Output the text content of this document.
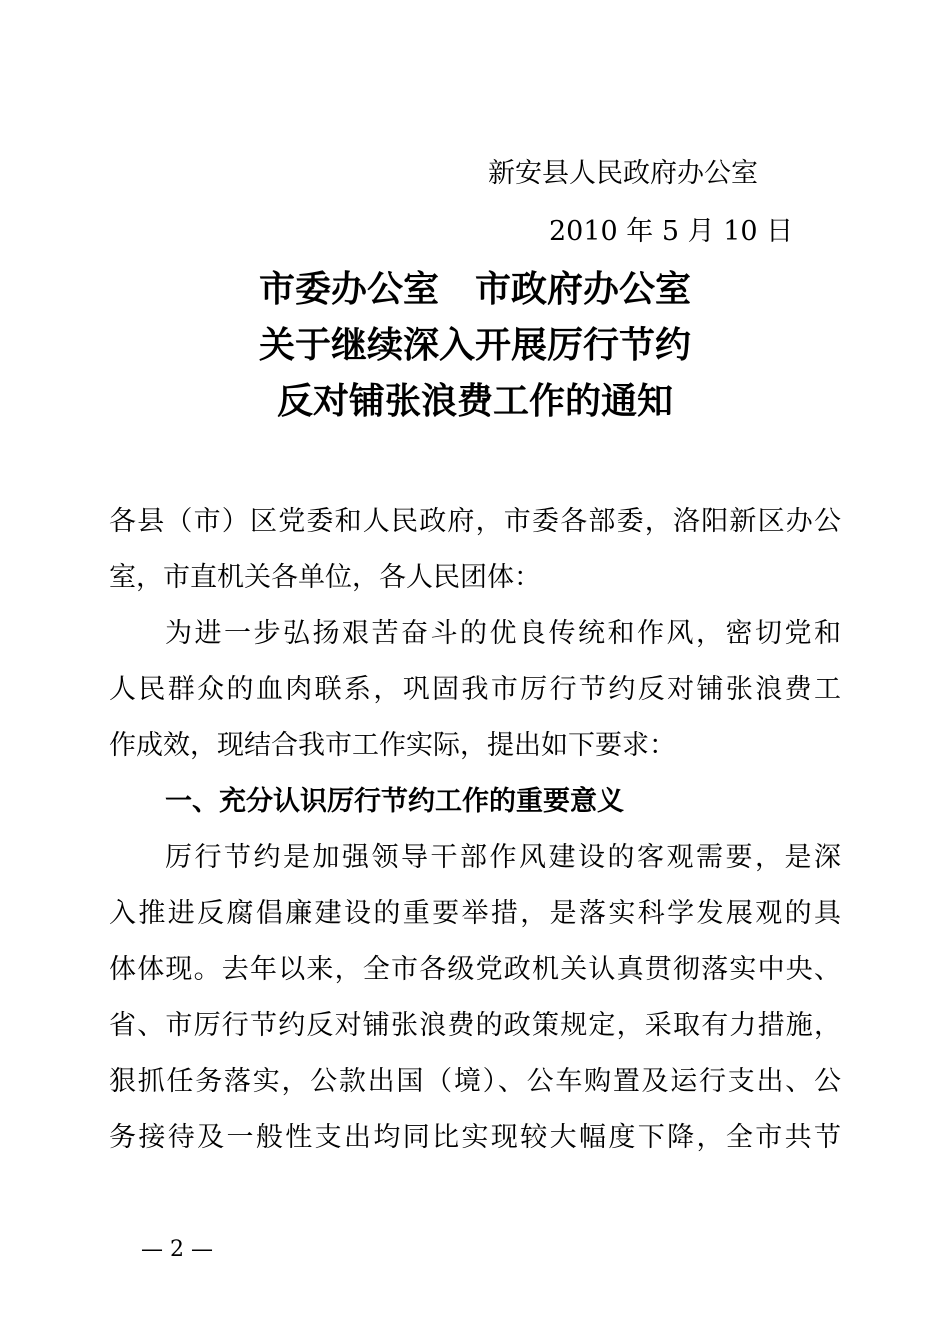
新安县人民政府办公室
2010 年 5 月 10 日
市委办公室　市政府办公室
关于继续深入开展厉行节约
反对铺张浪费工作的通知
各县（市）区党委和人民政府，市委各部委，洛阳新区办公
室，市直机关各单位，各人民团体：
为进一步弘扬艰苦奋斗的优良传统和作风，密切党和
人民群众的血肉联系，巩固我市厉行节约反对铺张浪费工
作成效，现结合我市工作实际，提出如下要求：
一、充分认识厉行节约工作的重要意义
厉行节约是加强领导干部作风建设的客观需要，是深
入推进反腐倡廉建设的重要举措，是落实科学发展观的具
体体现。去年以来，全市各级党政机关认真贯彻落实中央、
省、市厉行节约反对铺张浪费的政策规定，采取有力措施，
狠抓任务落实，公款出国（境）、公车购置及运行支出、公
务接待及一般性支出均同比实现较大幅度下降，全市共节
— 2 —
